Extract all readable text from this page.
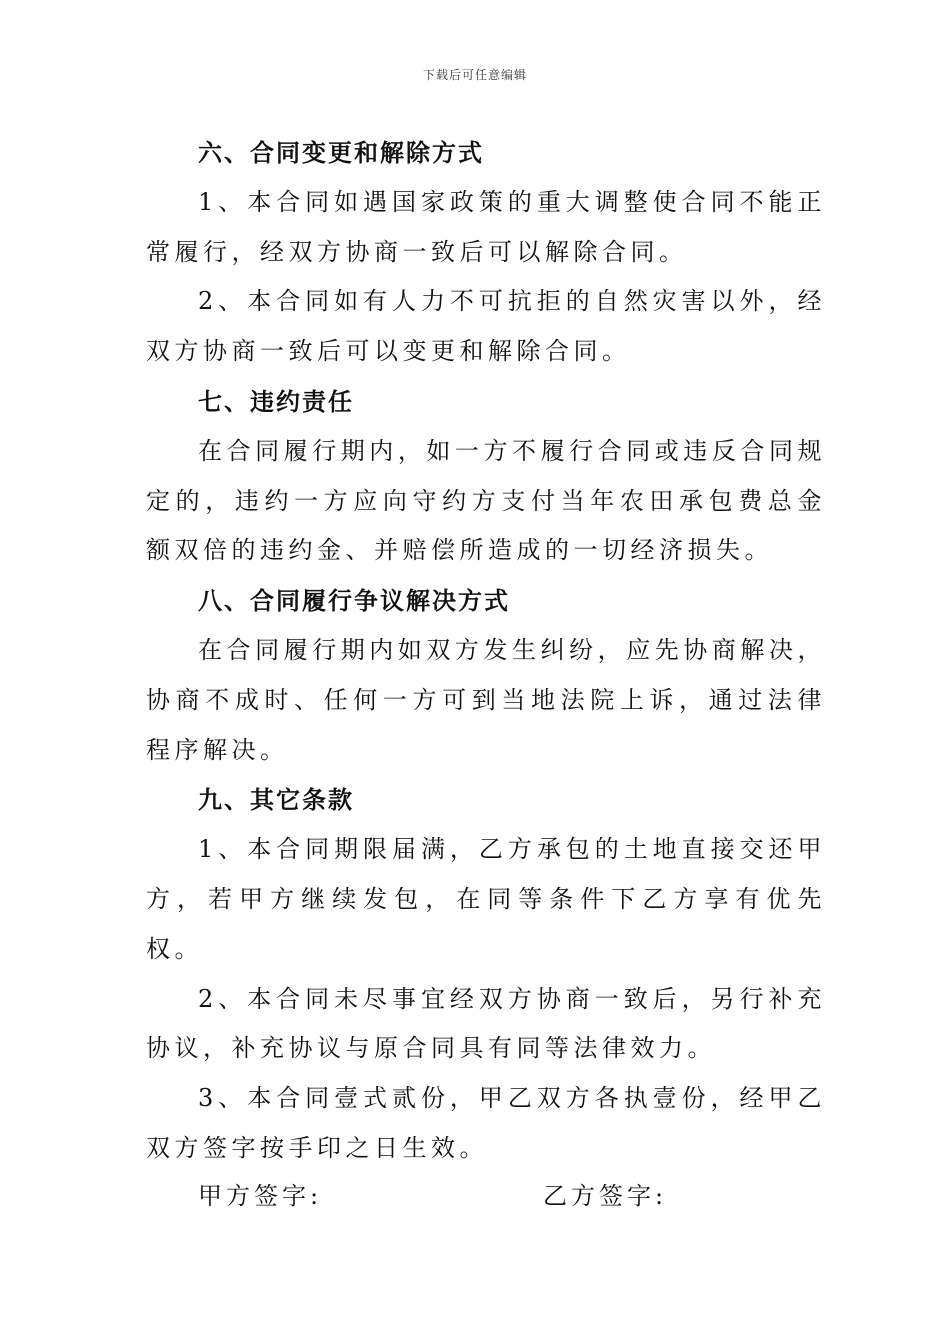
下载后可任意编辑
六、合同变更和解除方式

1、本合同如遇国家政策的重大调整使合同不能正常履行，经双方协商一致后可以解除合同。

2、本合同如有人力不可抗拒的自然灾害以外，经双方协商一致后可以变更和解除合同。

七、违约责任

在合同履行期内，如一方不履行合同或违反合同规定的，违约一方应向守约方支付当年农田承包费总金额双倍的违约金、并赔偿所造成的一切经济损失。

八、合同履行争议解决方式

在合同履行期内如双方发生纠纷，应先协商解决，协商不成时、任何一方可到当地法院上诉，通过法律程序解决。

九、其它条款

1、本合同期限届满，乙方承包的土地直接交还甲方，若甲方继续发包，在同等条件下乙方享有优先权。

2、本合同未尽事宜经双方协商一致后，另行补充协议，补充协议与原合同具有同等法律效力。

3、本合同壹式贰份，甲乙双方各执壹份，经甲乙双方签字按手印之日生效。

甲方签字:	乙方签字:
